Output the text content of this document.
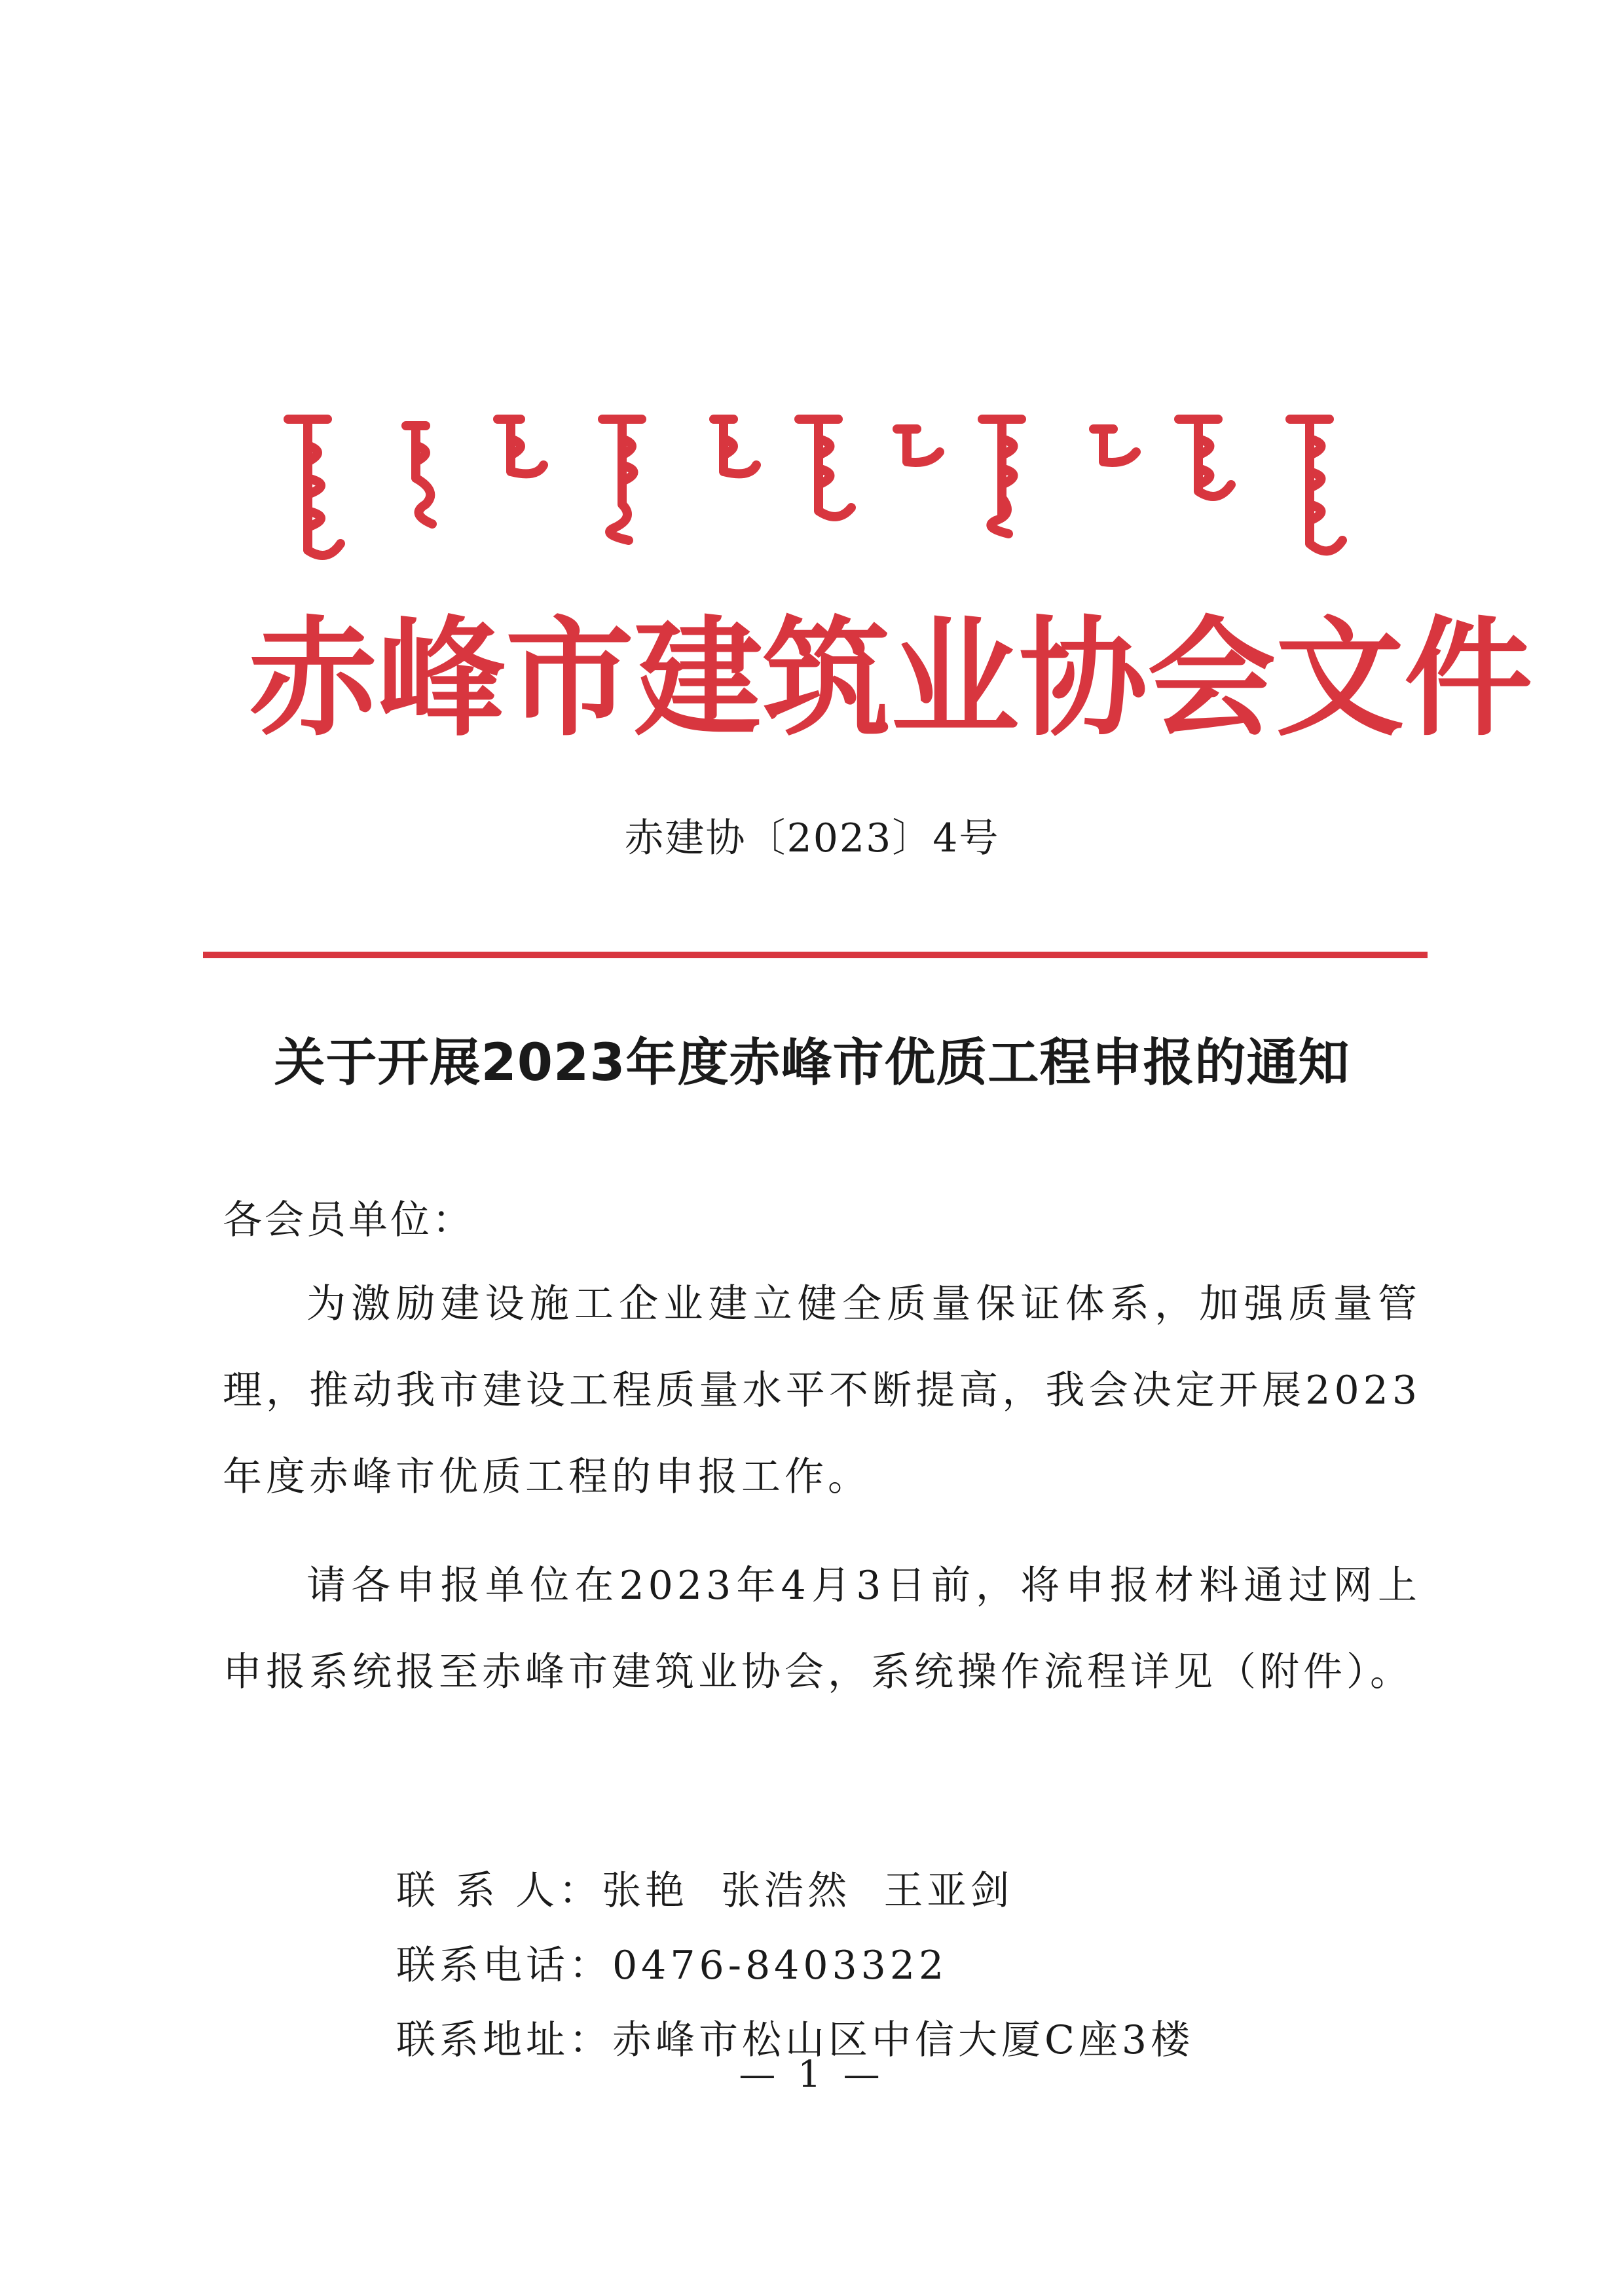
赤 峰 市 建 筑 业 协 会 文 件
赤建协〔2023〕4号
关于开展2023年度赤峰市优质工程申报的通知
各会员单位：
为激励建设施工企业建立健全质量保证体系，加强质量管理，推动我市建设工程质量水平不断提高，我会决定开展2023年度赤峰市优质工程的申报工作。
请各申报单位在2023年4月3日前，将申报材料通过网上申报系统报至赤峰市建筑业协会，系统操作流程详见（附件）。
联 系 人： 张艳  张浩然  王亚剑
联系电话： 0476-8403322
联系地址： 赤峰市松山区中信大厦C座3楼
— 1 —
